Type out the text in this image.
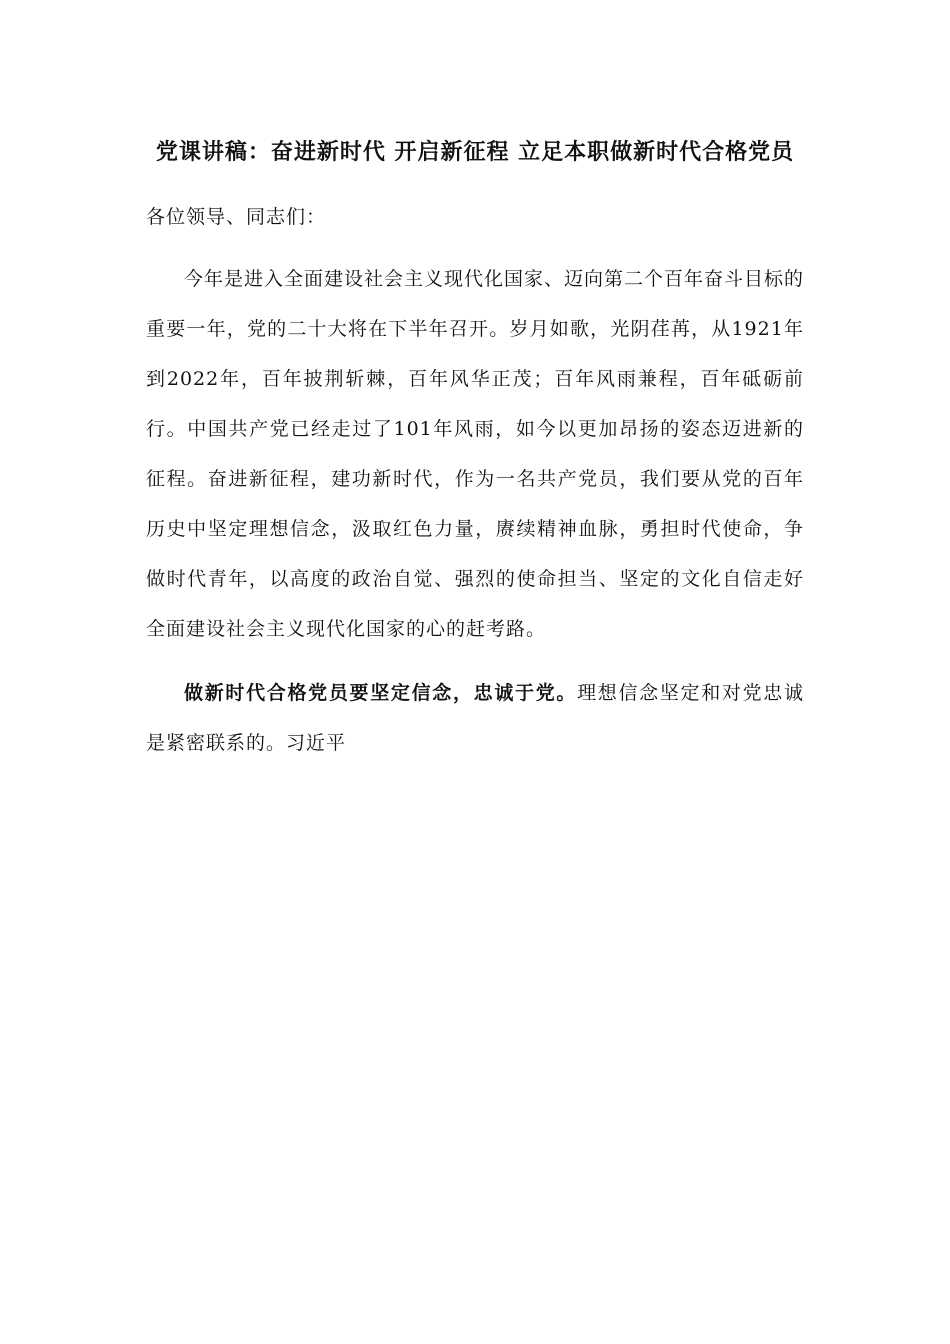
党课讲稿：奋进新时代 开启新征程 立足本职做新时代合格党员

各位领导、同志们：

今年是进入全面建设社会主义现代化国家、迈向第二个百年奋斗目标的重要一年，党的二十大将在下半年召开。岁月如歌，光阴荏苒，从1921年到2022年，百年披荆斩棘，百年风华正茂；百年风雨兼程，百年砥砺前行。中国共产党已经走过了101年风雨，如今以更加昂扬的姿态迈进新的征程。奋进新征程，建功新时代，作为一名共产党员，我们要从党的百年历史中坚定理想信念，汲取红色力量，赓续精神血脉，勇担时代使命，争做时代青年，以高度的政治自觉、强烈的使命担当、坚定的文化自信走好全面建设社会主义现代化国家的心的赶考路。

做新时代合格党员要坚定信念，忠诚于党。理想信念坚定和对党忠诚是紧密联系的。习近平
